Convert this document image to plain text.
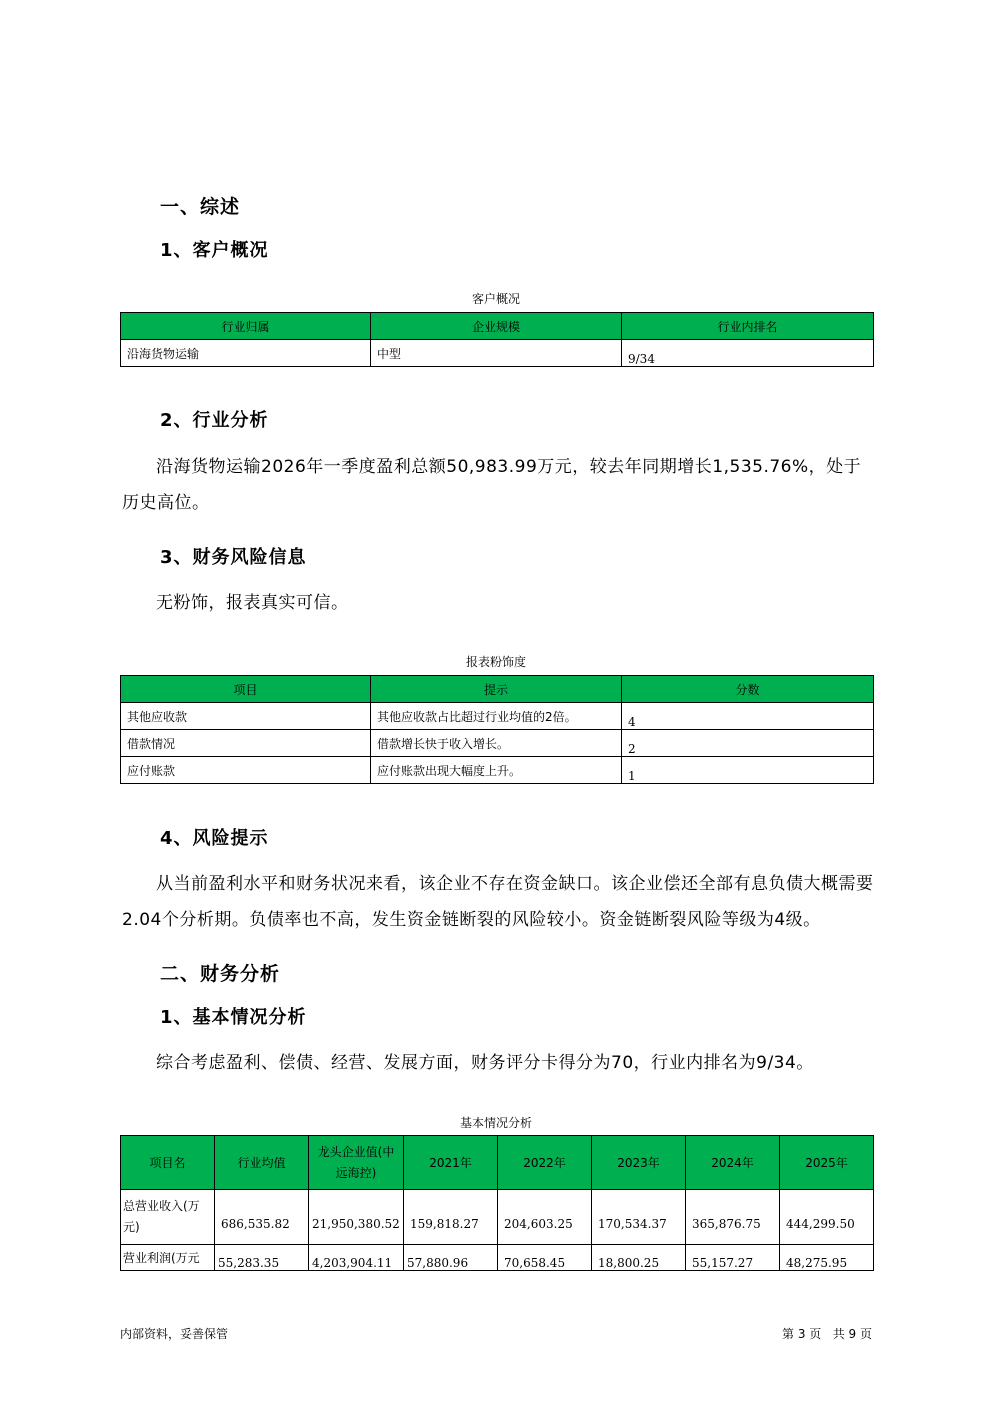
一、综述
1、客户概况
客户概况
行业归属	企业规模	行业内排名
沿海货物运输	中型	9/34
2、行业分析
沿海货物运输2026年一季度盈利总额50,983.99万元，较去年同期增长1,535.76%，处于历史高位。
3、财务风险信息
无粉饰，报表真实可信。
报表粉饰度
项目	提示	分数
其他应收款	其他应收款占比超过行业均值的2倍。	4
借款情况	借款增长快于收入增长。	2
应付账款	应付账款出现大幅度上升。	1
4、风险提示
从当前盈利水平和财务状况来看，该企业不存在资金缺口。该企业偿还全部有息负债大概需要 2.04个分析期。负债率也不高，发生资金链断裂的风险较小。资金链断裂风险等级为4级。
二、财务分析
1、基本情况分析
综合考虑盈利、偿债、经营、发展方面，财务评分卡得分为70，行业内排名为9/34。
基本情况分析
项目名	行业均值	龙头企业值(中远海控)	2021年	2022年	2023年	2024年	2025年
总营业收入(万元)	686,535.82	21,950,380.52	159,818.27	204,603.25	170,534.37	365,876.75	444,299.50
营业利润(万元	55,283.35	4,203,904.11	57,880.96	70,658.45	18,800.25	55,157.27	48,275.95
内部资料，妥善保管	第 3 页   共 9 页
